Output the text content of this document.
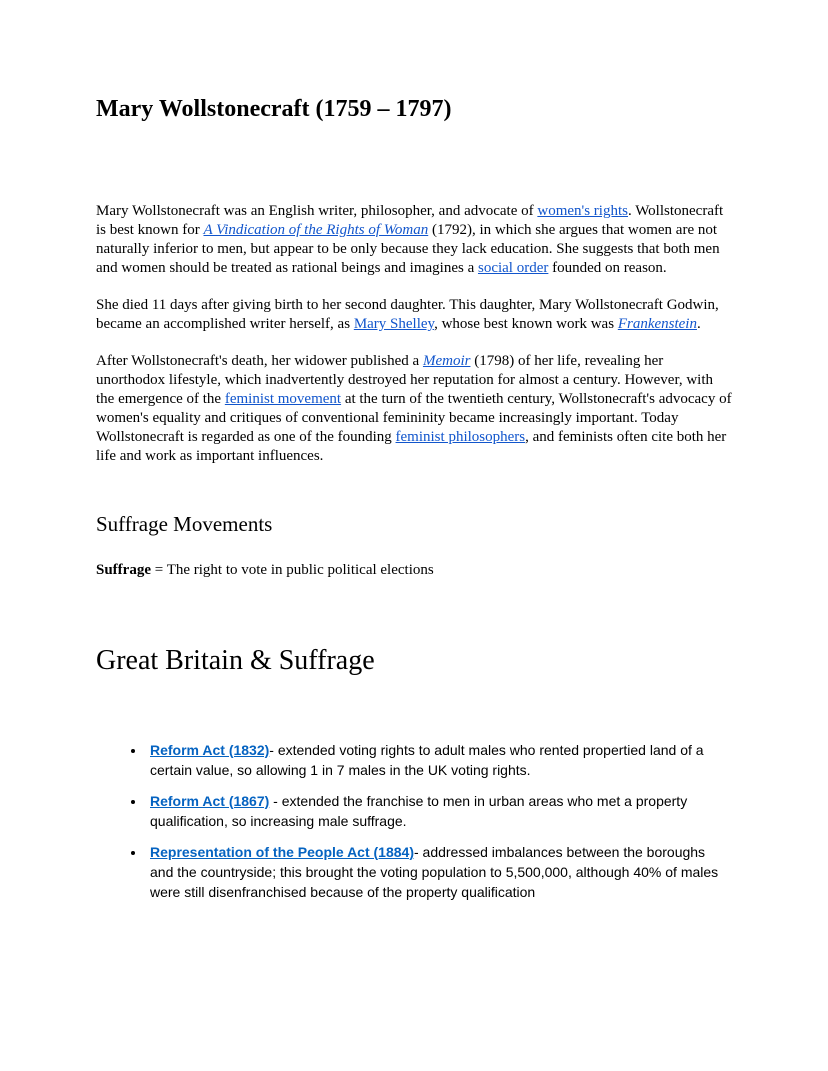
Mary Wollstonecraft (1759 – 1797)

Mary Wollstonecraft was an English writer, philosopher, and advocate of women's rights. Wollstonecraft is best known for A Vindication of the Rights of Woman (1792), in which she argues that women are not naturally inferior to men, but appear to be only because they lack education. She suggests that both men and women should be treated as rational beings and imagines a social order founded on reason.

She died 11 days after giving birth to her second daughter. This daughter, Mary Wollstonecraft Godwin, became an accomplished writer herself, as Mary Shelley, whose best known work was Frankenstein.

After Wollstonecraft's death, her widower published a Memoir (1798) of her life, revealing her unorthodox lifestyle, which inadvertently destroyed her reputation for almost a century. However, with the emergence of the feminist movement at the turn of the twentieth century, Wollstonecraft's advocacy of women's equality and critiques of conventional femininity became increasingly important. Today Wollstonecraft is regarded as one of the founding feminist philosophers, and feminists often cite both her life and work as important influences.

Suffrage Movements

Suffrage = The right to vote in public political elections

Great Britain & Suffrage
• Reform Act (1832)- extended voting rights to adult males who rented propertied land of a certain value, so allowing 1 in 7 males in the UK voting rights.
• Reform Act (1867) - extended the franchise to men in urban areas who met a property qualification, so increasing male suffrage.
• Representation of the People Act (1884)- addressed imbalances between the boroughs and the countryside; this brought the voting population to 5,500,000, although 40% of males were still disenfranchised because of the property qualification
